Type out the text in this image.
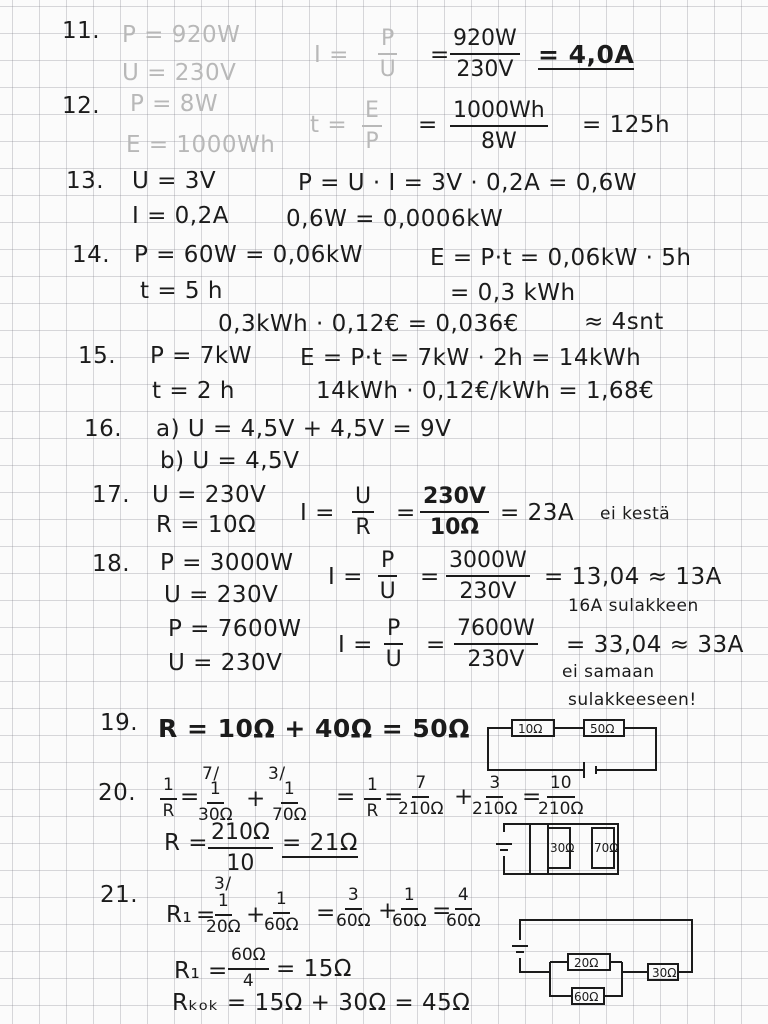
11. P = 920W
U = 230V
$I = \frac{P}{U} = \frac{920W}{230V} = 4,0A$
12. P = 8W
E = 1000Wh
$t = \frac{E}{P} = \frac{1000Wh}{8W} = 125h$
13. U = 3V
I = 0,2A
P = U · I = 3V · 0,2A = 0,6W
0,6W = 0,0006kW
14. P = 60W = 0,06kW
t = 5 h
E = P·t = 0,06kW · 5h
= 0,3 kWh
0,3kWh · 0,12€ = 0,036€	≈ 4snt
15. P = 7kW
t = 2 h
E = P·t = 7kW · 2h = 14kWh
14kWh · 0,12€/kWh = 1,68€
16. a) U = 4,5V + 4,5V = 9V
b) U = 4,5V
17. U = 230V
R = 10Ω $I = \frac{U}{R} = \frac{230V}{10\Omega} = 23A$ ei kestä
18. P = 3000W
U = 230V
P = 7600W
U = 230V
$I = \frac{P}{U} = \frac{3000W}{230V} = 13,04 \approx 13A$
16A sulakkeen
$I = \frac{P}{U} = \frac{7600W}{230V} = 33,04 \approx 33A$
ei samaan
sulakkeeseen!
19. R = 10Ω + 40Ω = 50Ω	10Ω	50Ω
20. $\frac{1}{R}$ =
7/
$\frac{1}{30\Omega}$ +
3/
$\frac{1}{70\Omega} = \frac{1}{R}$ =
$\frac{7}{210\Omega}$ +
$\frac{3}{210\Omega}$ =
$\frac{10}{210\Omega}$
$R = \frac{210\Omega}{10} = 21\Omega$	30Ω 70Ω
21.
R₁ =
3/
$\frac{1}{20\Omega}$ +
$\frac{1}{60\Omega} = \frac{3}{60\Omega}$ +
$\frac{1}{60\Omega}$ =
$\frac{4}{60\Omega}$
$R_1 = \frac{60\Omega}{4} = 15\Omega$
Rₖₒₖ = 15Ω + 30Ω = 45Ω
20Ω
60Ω
30Ω
